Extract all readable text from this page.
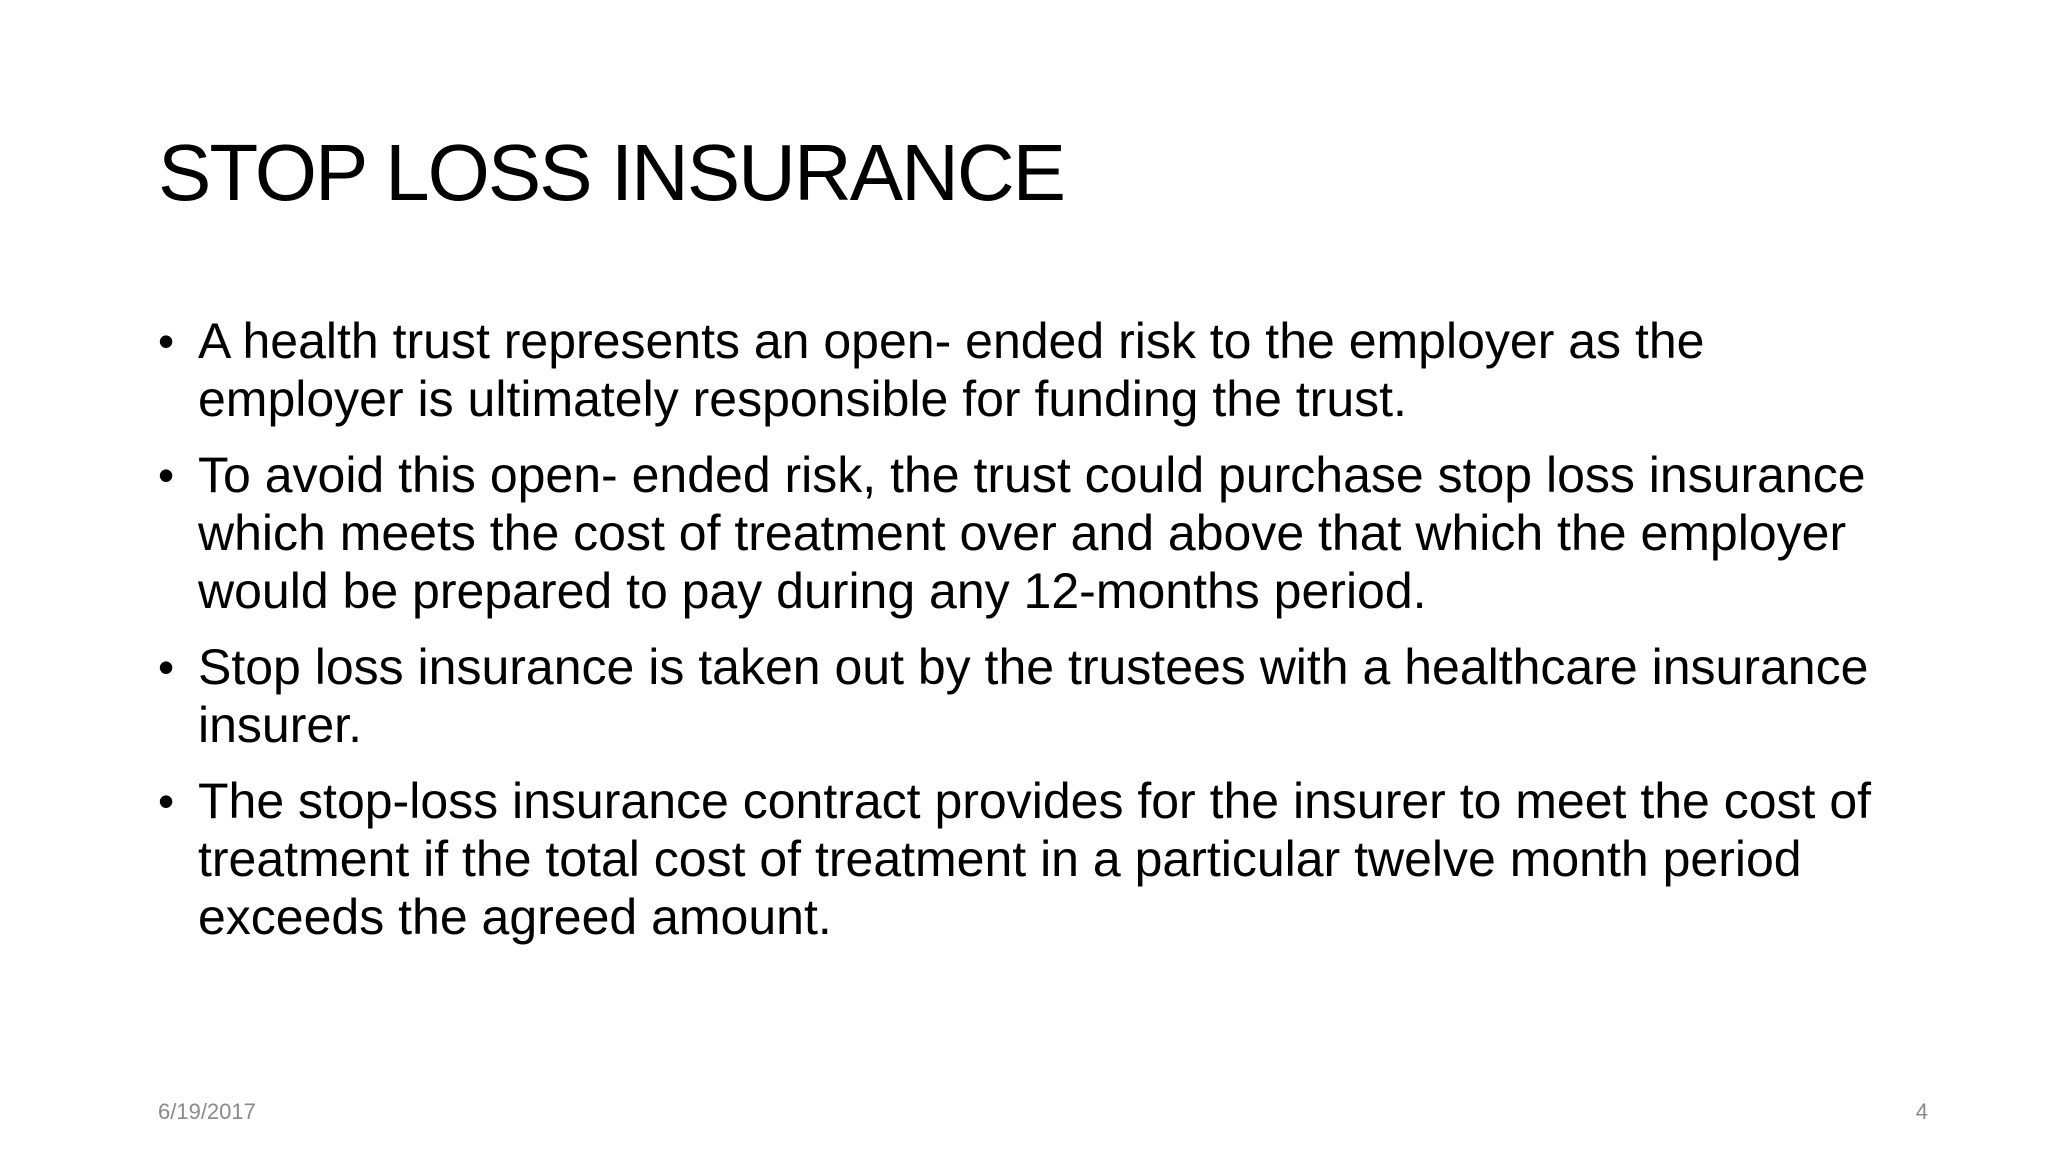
STOP LOSS INSURANCE
• A health trust represents an open- ended risk to the employer as the employer is ultimately responsible for funding the trust.
• To avoid this open- ended risk, the trust could purchase stop loss insurance which meets the cost of treatment over and above that which the employer would be prepared to pay during any 12-months period.
• Stop loss insurance is taken out by the trustees with a healthcare insurance insurer.
• The stop-loss insurance contract provides for the insurer to meet the cost of treatment if the total cost of treatment in a particular twelve month period exceeds the agreed amount.
6/19/2017	4
